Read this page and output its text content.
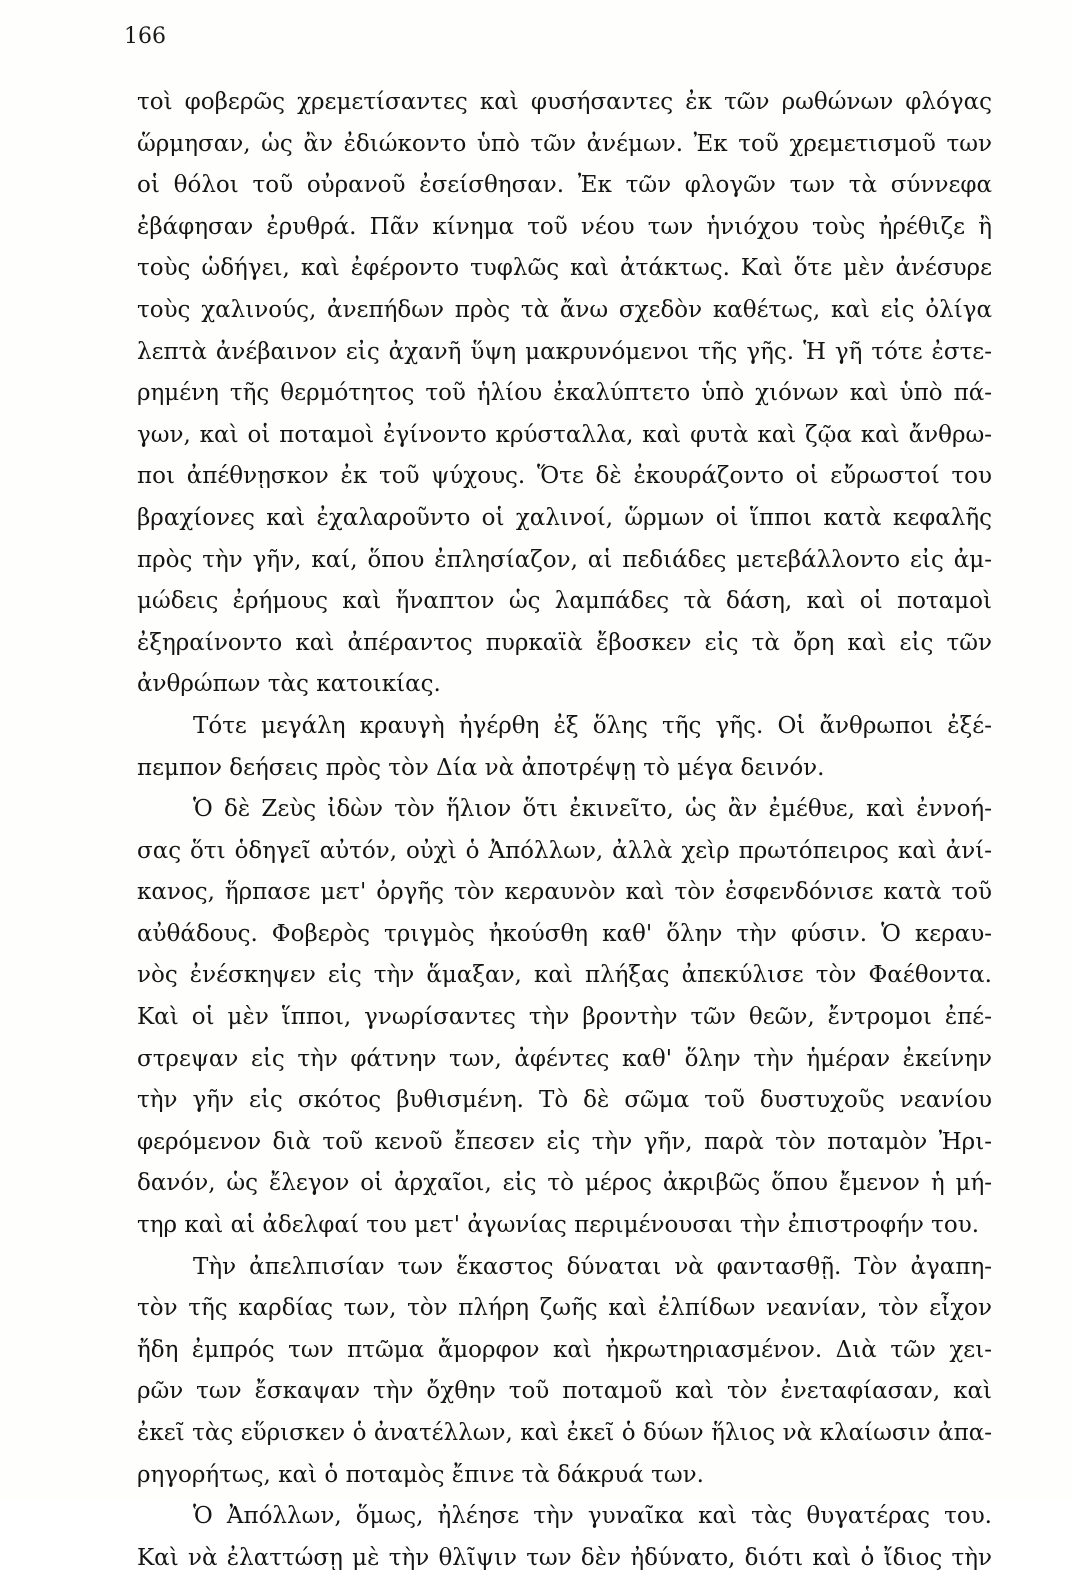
166
τοὶ φοβερῶς χρεμετίσαντες καὶ φυσήσαντες ἐκ τῶν ρωθώνων φλόγας
ὥρμησαν, ὡς ἂν ἐδιώκοντο ὑπὸ τῶν ἀνέμων. Ἐκ τοῦ χρεμετισμοῦ των
οἱ θόλοι τοῦ οὐρανοῦ ἐσείσθησαν. Ἐκ τῶν φλογῶν των τὰ σύννεφα
ἐβάφησαν ἐρυθρά. Πᾶν κίνημα τοῦ νέου των ἡνιόχου τοὺς ἠρέθιζε ἢ
τοὺς ὡδήγει, καὶ ἐφέροντο τυφλῶς καὶ ἀτάκτως. Καὶ ὅτε μὲν ἀνέσυρε
τοὺς χαλινούς, ἀνεπήδων πρὸς τὰ ἄνω σχεδὸν καθέτως, καὶ εἰς ὀλίγα
λεπτὰ ἀνέβαινον εἰς ἀχανῆ ὕψη μακρυνόμενοι τῆς γῆς. Ἡ γῆ τότε ἐστε-
ρημένη τῆς θερμότητος τοῦ ἡλίου ἐκαλύπτετο ὑπὸ χιόνων καὶ ὑπὸ πά-
γων, καὶ οἱ ποταμοὶ ἐγίνοντο κρύσταλλα, καὶ φυτὰ καὶ ζῷα καὶ ἄνθρω-
ποι ἀπέθνῃσκον ἐκ τοῦ ψύχους. Ὅτε δὲ ἐκουράζοντο οἱ εὔρωστοί του
βραχίονες καὶ ἐχαλαροῦντο οἱ χαλινοί, ὥρμων οἱ ἵπποι κατὰ κεφαλῆς
πρὸς τὴν γῆν, καί, ὅπου ἐπλησίαζον, αἱ πεδιάδες μετεβάλλοντο εἰς ἀμ-
μώδεις ἐρήμους καὶ ἥναπτον ὡς λαμπάδες τὰ δάση, καὶ οἱ ποταμοὶ
ἐξηραίνοντο καὶ ἀπέραντος πυρκαϊὰ ἔβοσκεν εἰς τὰ ὄρη καὶ εἰς τῶν
ἀνθρώπων τὰς κατοικίας.
Τότε μεγάλη κραυγὴ ἠγέρθη ἐξ ὅλης τῆς γῆς. Οἱ ἄνθρωποι ἐξέ-
πεμπον δεήσεις πρὸς τὸν Δία νὰ ἀποτρέψῃ τὸ μέγα δεινόν.
Ὁ δὲ Ζεὺς ἰδὼν τὸν ἥλιον ὅτι ἐκινεῖτο, ὡς ἂν ἐμέθυε, καὶ ἐννοή-
σας ὅτι ὁδηγεῖ αὐτόν, οὐχὶ ὁ Ἀπόλλων, ἀλλὰ χεὶρ πρωτόπειρος καὶ ἀνί-
κανος, ἥρπασε μετ' ὀργῆς τὸν κεραυνὸν καὶ τὸν ἐσφενδόνισε κατὰ τοῦ
αὐθάδους. Φοβερὸς τριγμὸς ἠκούσθη καθ' ὅλην τὴν φύσιν. Ὁ κεραυ-
νὸς ἐνέσκηψεν εἰς τὴν ἅμαξαν, καὶ πλήξας ἀπεκύλισε τὸν Φαέθοντα.
Καὶ οἱ μὲν ἵπποι, γνωρίσαντες τὴν βροντὴν τῶν θεῶν, ἔντρομοι ἐπέ-
στρεψαν εἰς τὴν φάτνην των, ἀφέντες καθ' ὅλην τὴν ἡμέραν ἐκείνην
τὴν γῆν εἰς σκότος βυθισμένη. Τὸ δὲ σῶμα τοῦ δυστυχοῦς νεανίου
φερόμενον διὰ τοῦ κενοῦ ἔπεσεν εἰς τὴν γῆν, παρὰ τὸν ποταμὸν Ἠρι-
δανόν, ὡς ἔλεγον οἱ ἀρχαῖοι, εἰς τὸ μέρος ἀκριβῶς ὅπου ἔμενον ἡ μή-
τηρ καὶ αἱ ἀδελφαί του μετ' ἀγωνίας περιμένουσαι τὴν ἐπιστροφήν του.
Τὴν ἀπελπισίαν των ἕκαστος δύναται νὰ φαντασθῇ. Τὸν ἀγαπη-
τὸν τῆς καρδίας των, τὸν πλήρη ζωῆς καὶ ἐλπίδων νεανίαν, τὸν εἶχον
ἤδη ἐμπρός των πτῶμα ἄμορφον καὶ ἠκρωτηριασμένον. Διὰ τῶν χει-
ρῶν των ἔσκαψαν τὴν ὄχθην τοῦ ποταμοῦ καὶ τὸν ἐνεταφίασαν, καὶ
ἐκεῖ τὰς εὕρισκεν ὁ ἀνατέλλων, καὶ ἐκεῖ ὁ δύων ἥλιος νὰ κλαίωσιν ἀπα-
ρηγορήτως, καὶ ὁ ποταμὸς ἔπινε τὰ δάκρυά των.
Ὁ Ἀπόλλων, ὅμως, ἠλέησε τὴν γυναῖκα καὶ τὰς θυγατέρας του.
Καὶ νὰ ἐλαττώσῃ μὲ τὴν θλῖψιν των δὲν ἠδύνατο, διότι καὶ ὁ ἴδιος τὴν
